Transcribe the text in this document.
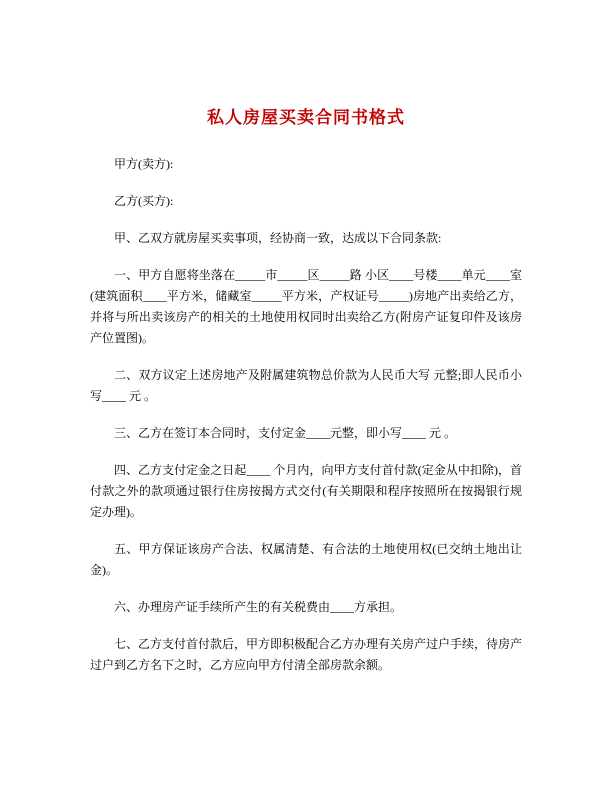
私人房屋买卖合同书格式

甲方(卖方):

乙方(买方):

甲、乙双方就房屋买卖事项，经协商一致，达成以下合同条款:

一、甲方自愿将坐落在_____市_____区_____路 小区____号楼____单元____室(建筑面积____平方米，储藏室_____平方米，产权证号_____)房地产出卖给乙方，并将与所出卖该房产的相关的土地使用权同时出卖给乙方(附房产证复印件及该房产位置图)。

二、双方议定上述房地产及附属建筑物总价款为人民币大写 元整;即人民币小写____ 元 。

三、乙方在签订本合同时，支付定金____元整，即小写____ 元 。

四、乙方支付定金之日起____ 个月内，向甲方支付首付款(定金从中扣除)，首付款之外的款项通过银行住房按揭方式交付(有关期限和程序按照所在按揭银行规定办理)。

五、甲方保证该房产合法、权属清楚、有合法的土地使用权(已交纳土地出让金)。

六、办理房产证手续所产生的有关税费由____方承担。

七、乙方支付首付款后，甲方即积极配合乙方办理有关房产过户手续，待房产过户到乙方名下之时，乙方应向甲方付清全部房款余额。
